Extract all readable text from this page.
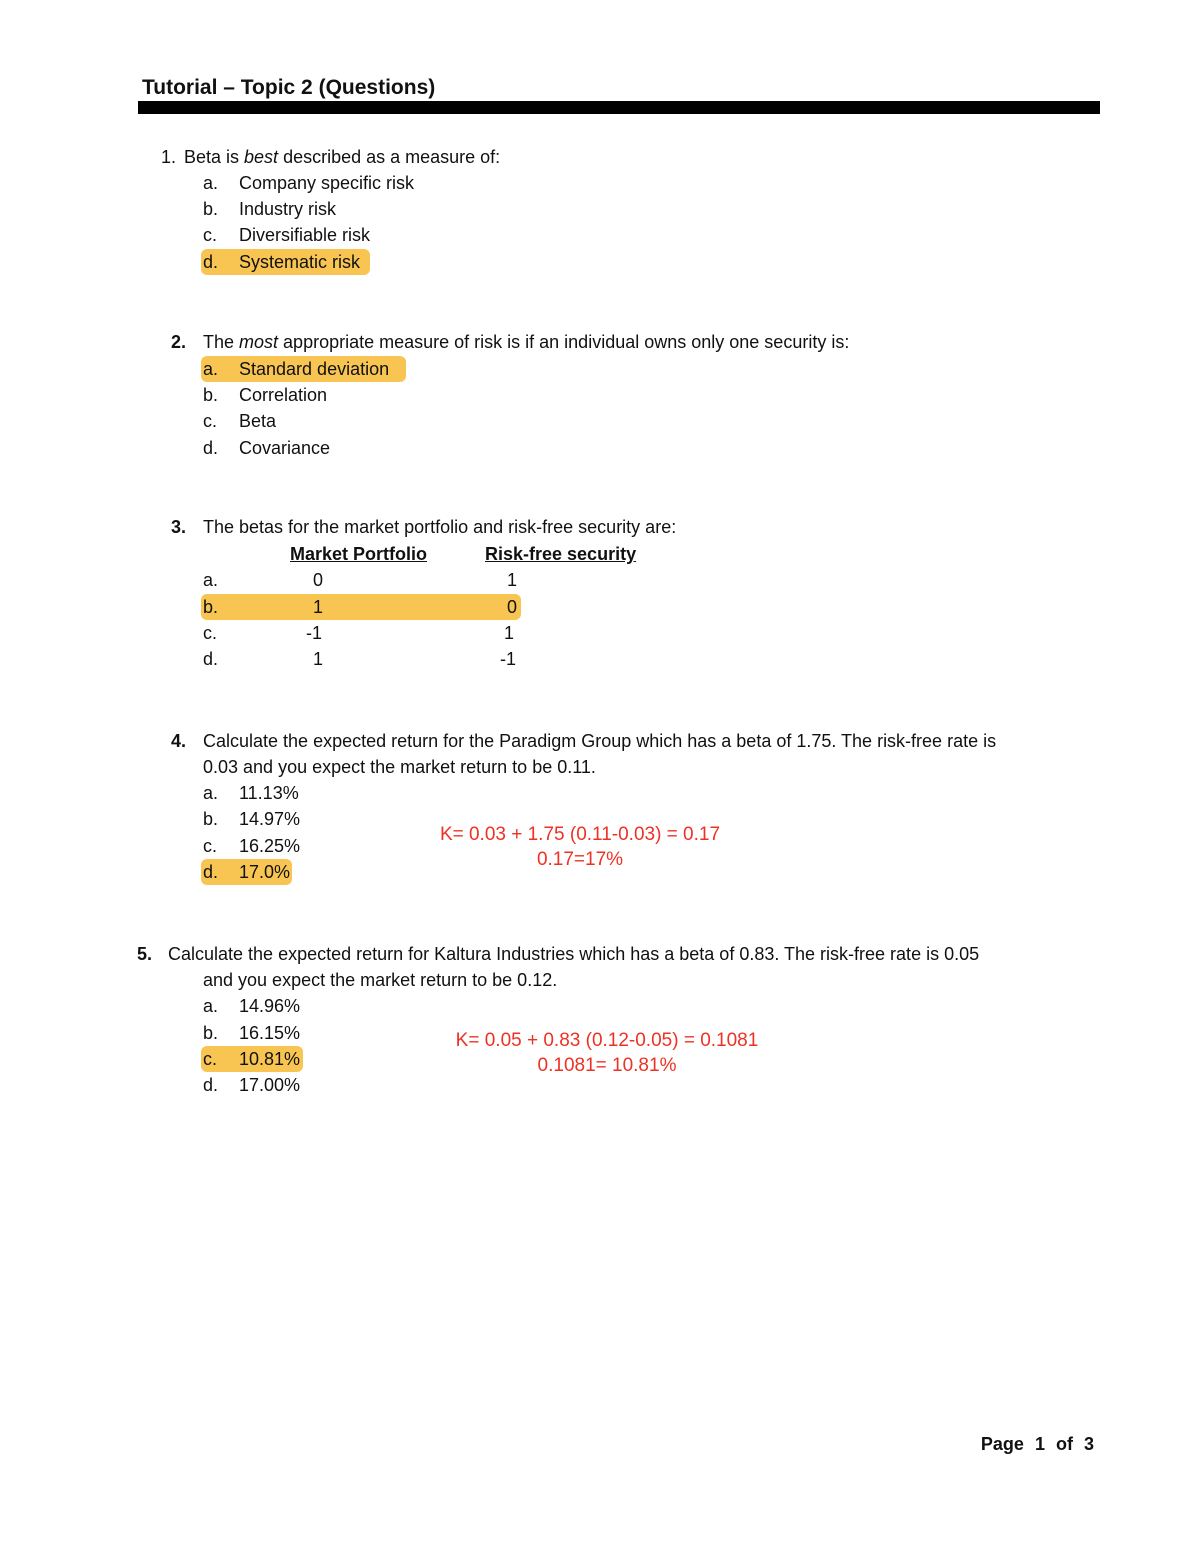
Tutorial – Topic 2 (Questions)
1. Beta is best described as a measure of:
a.	Company specific risk
b.	Industry risk
c.	Diversifiable risk
d.	Systematic risk
2. The most appropriate measure of risk is if an individual owns only one security is:
a.	Standard deviation
b.	Correlation
c.	Beta
d.	Covariance
3. The betas for the market portfolio and risk-free security are:
Market Portfolio	Risk-free security
a.	0	1
b.	1	0
c.	-1	1
d.	1	-1
4. Calculate the expected return for the Paradigm Group which has a beta of 1.75. The risk-free rate is
0.03 and you expect the market return to be 0.11.
a.	11.13%
b.	14.97%
c.	16.25%
d.	17.0%
K= 0.03 + 1.75 (0.11-0.03) = 0.17
0.17=17%
5. Calculate the expected return for Kaltura Industries which has a beta of 0.83. The risk-free rate is 0.05
and you expect the market return to be 0.12.
a.	14.96%
b.	16.15%
c.	10.81%
d.	17.00%
K= 0.05 + 0.83 (0.12-0.05) = 0.1081
0.1081= 10.81%
Page 1 of 3
